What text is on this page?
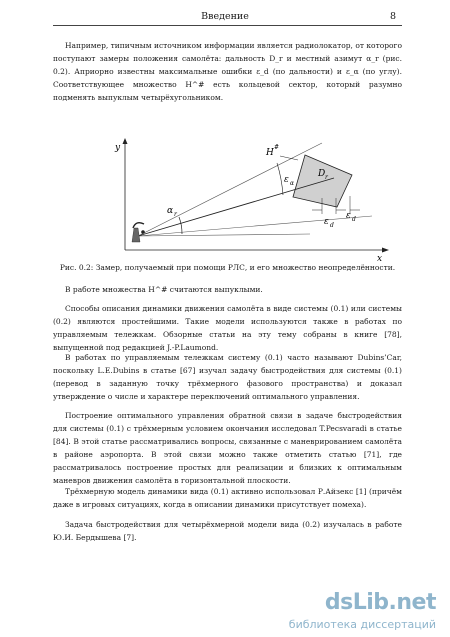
Введение	8

Например, типичным источником информации является радиолокатор, от которого поступают замеры положения самолёта: дальность D_r и местный азимут α_r (рис. 0.2). Априорно известны максимальные ошибки ε_d (по дальности) и ε_α (по углу). Соответствующее множество H^# есть кольцевой сектор, который разумно подменять выпуклым четырёхугольником.

y
x
H
#
D r
α r
ε α
ε d
ε d
Рис. 0.2: Замер, получаемый при помощи РЛС, и его множество неопределённости.

В работе множества H^# считаются выпуклыми.

Способы описания динамики движения самолёта в виде системы (0.1) или системы (0.2) являются простейшими. Такие модели используются также в работах по управляемым тележкам. Обзорные статьи на эту тему собраны в книге [78], выпущенной под редакцией J.-P.Laumond.

В работах по управляемым тележкам систему (0.1) часто называют Dubins’Car, поскольку L.E.Dubins в статье [67] изучал задачу быстродействия для системы (0.1) (перевод в заданную точку трёхмерного фазового пространства) и доказал утверждение о числе и характере переключений оптимального управления.

Построение оптимального управления обратной связи в задаче быстродействия для системы (0.1) с трёхмерным условием окончания исследовал T.Pecsvaradi в статье [84]. В этой статье рассматривались вопросы, связанные с маневрированием самолёта в районе аэропорта. В этой связи можно также отметить статью [71], где рассматривалось построение простых для реализации и близких к оптимальным маневров движения самолёта в горизонтальной плоскости.

Трёхмерную модель динамики вида (0.1) активно использовал Р.Айзекс [1] (причём даже в игровых ситуациях, когда в описании динамики присутствует помеха).

Задача быстродействия для четырёхмерной модели вида (0.2) изучалась в работе Ю.И. Бердышева [7].

dsLib.net
библиотека диссертаций
